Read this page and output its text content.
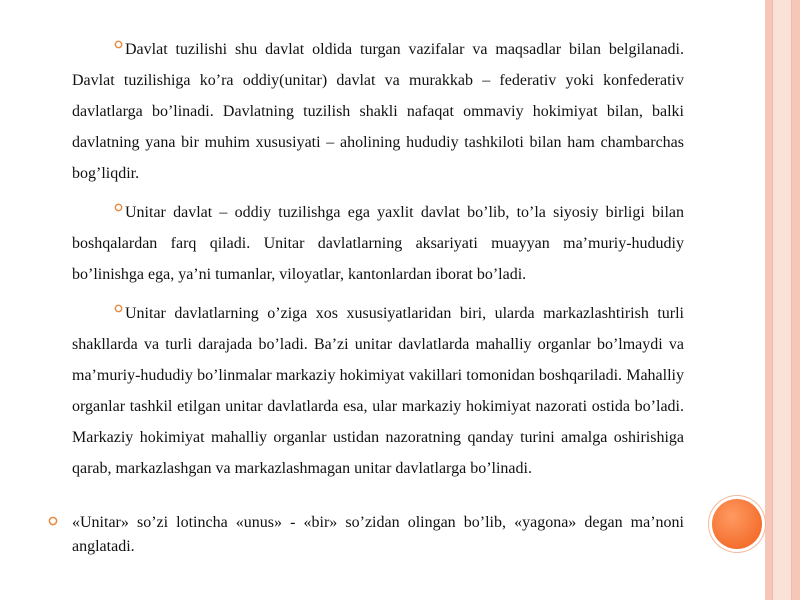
Davlat tuzilishi shu davlat oldida turgan vazifalar va maqsadlar bilan belgilanadi. Davlat tuzilishiga ko’ra oddiy(unitar) davlat va murakkab – federativ yoki konfederativ davlatlarga bo’linadi. Davlatning tuzilish shakli nafaqat ommaviy hokimiyat bilan, balki davlatning yana bir muhim xususiyati – aholining hududiy tashkiloti bilan ham chambarchas bog’liqdir.

Unitar davlat – oddiy tuzilishga ega yaxlit davlat bo’lib, to’la siyosiy birligi bilan boshqalardan farq qiladi. Unitar davlatlarning aksariyati muayyan ma’muriy-hududiy bo’linishga ega, ya’ni tumanlar, viloyatlar, kantonlardan iborat bo’ladi.

Unitar davlatlarning o’ziga xos xususiyatlaridan biri, ularda markazlashtirish turli shakllarda va turli darajada bo’ladi. Ba’zi unitar davlatlarda mahalliy organlar bo’lmaydi va ma’muriy-hududiy bo’linmalar markaziy hokimiyat vakillari tomonidan boshqariladi. Mahalliy organlar tashkil etilgan unitar davlatlarda esa, ular markaziy hokimiyat nazorati ostida bo’ladi. Markaziy hokimiyat mahalliy organlar ustidan nazoratning qanday turini amalga oshirishiga qarab, markazlashgan va markazlashmagan unitar davlatlarga bo’linadi.

«Unitar» so’zi lotincha «unus» - «bir» so’zidan olingan bo’lib, «yagona» degan ma’noni anglatadi.
